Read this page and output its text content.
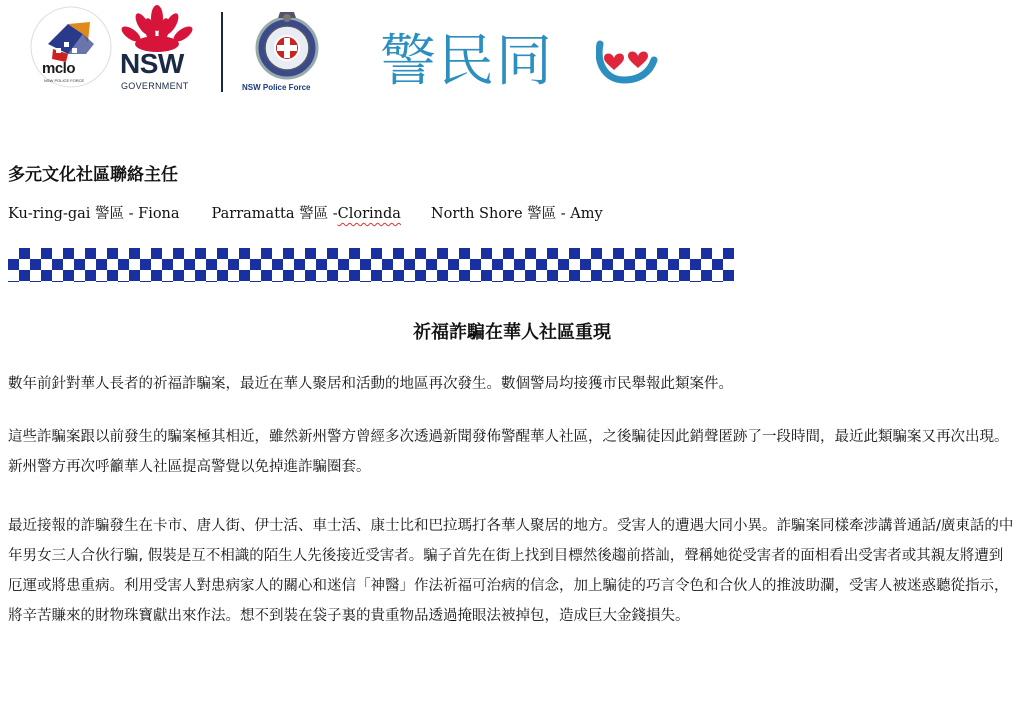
mclo
NSW POLICE FORCE
NSW
GOVERNMENT	NSW Police Force 警民同
多元文化社區聯絡主任
Ku-ring-gai 警區 - Fiona Parramatta 警區 -Clorinda North Shore 警區 - Amy
祈福詐騙在華人社區重現

數年前針對華人長者的祈福詐騙案，最近在華人聚居和活動的地區再次發生。數個警局均接獲市民舉報此類案件。

這些詐騙案跟以前發生的騙案極其相近，雖然新州警方曾經多次透過新聞發佈警醒華人社區，之後騙徒因此銷聲匿跡了一段時間，最近此類騙案又再次出現。新州警方再次呼籲華人社區提高警覺以免掉進詐騙圈套。

最近接報的詐騙發生在卡市、唐人街、伊士活、車士活、康士比和巴拉瑪打各華人聚居的地方。受害人的遭遇大同小異。詐騙案同樣牽涉講普通話/廣東話的中年男女三人合伙行騙, 假裝是互不相識的陌生人先後接近受害者。騙子首先在街上找到目標然後趨前搭訕，聲稱她從受害者的面相看出受害者或其親友將遭到厄運或將患重病。利用受害人對患病家人的關心和迷信「神醫」作法祈福可治病的信念，加上騙徒的巧言令色和合伙人的推波助瀾，受害人被迷惑聽從指示，將辛苦賺來的財物珠寶獻出來作法。想不到裝在袋子裏的貴重物品透過掩眼法被掉包，造成巨大金錢損失。
